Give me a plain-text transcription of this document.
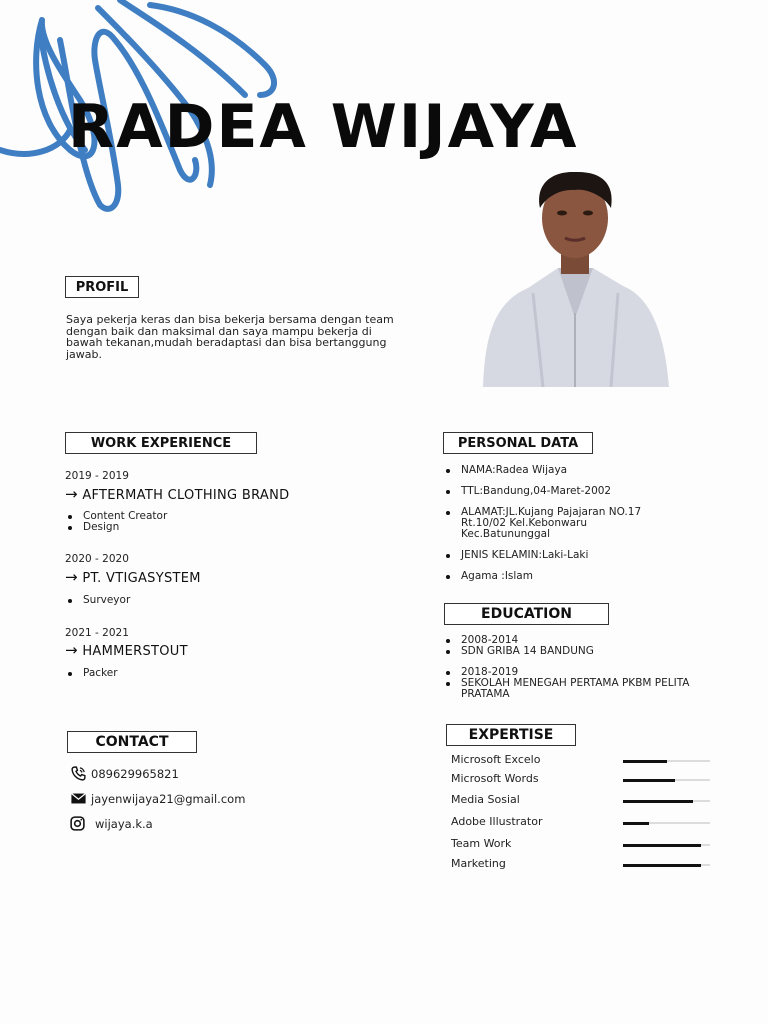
RADEA WIJAYA
PROFIL
Saya pekerja keras dan bisa bekerja bersama dengan team dengan baik dan maksimal dan saya mampu bekerja di bawah tekanan,mudah beradaptasi dan bisa bertanggung jawab.
WORK EXPERIENCE
2019 - 2019
→ AFTERMATH CLOTHING BRAND
Content Creator
Design
2020 - 2020
→ PT. VTIGASYSTEM
Surveyor
2021 - 2021
→ HAMMERSTOUT
Packer
CONTACT
089629965821
jayenwijaya21@gmail.com
wijaya.k.a
PERSONAL DATA
NAMA:Radea Wijaya
TTL:Bandung,04-Maret-2002
ALAMAT:JL.Kujang Pajajaran NO.17 Rt.10/02 Kel.Kebonwaru Kec.Batununggal
JENIS KELAMIN:Laki-Laki
Agama :Islam
EDUCATION
2008-2014
SDN GRIBA 14 BANDUNG
2018-2019
SEKOLAH MENEGAH PERTAMA PKBM PELITA PRATAMA
EXPERTISE
Microsoft Excelo
Microsoft Words
Media Sosial
Adobe Illustrator
Team Work
Marketing
